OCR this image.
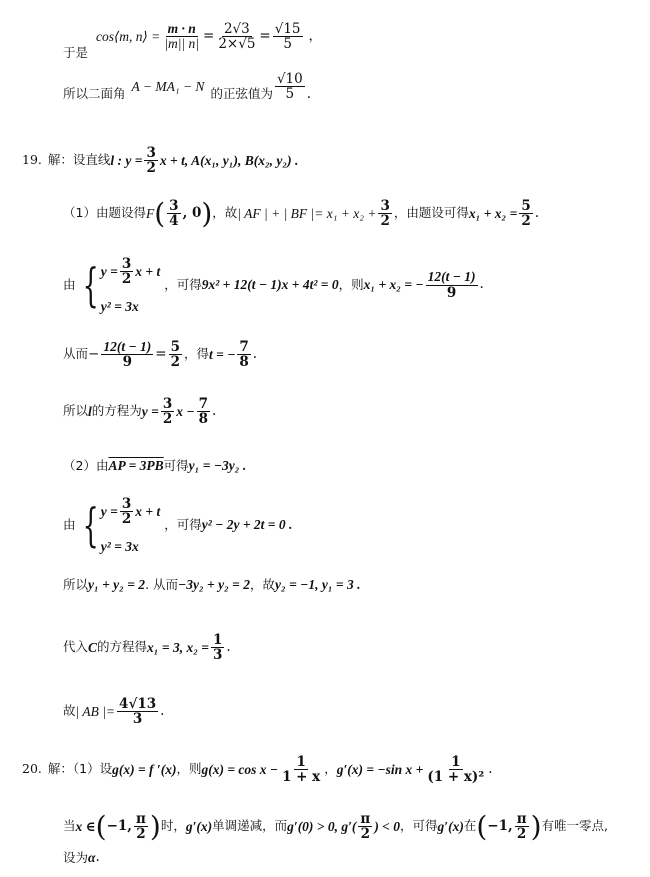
cos⟨m, n⟩ = $\frac{m \cdot n}{|m|| n|} = \frac{2√3}{2\times√5} = \frac{√15}{5}$ ，
于是
所以二面角 A − MA₁ − N 的正弦值为 $\frac{√10}{5}$ .
19. 解：设直线 l : $y = \frac{3}{2}$ x + t, A(x₁, y₁), B(x₂, y₂) .
（1）由题设得 F ( $\frac{3}{4}$ , 0 ) ，故 | AF | + | BF |= $x_1 + x_2 + \frac{3}{2}$ ，由题设可得 $x_1 + x_2 = \frac{5}{2}$ .
由 { $y = \frac{3}{2}$ x + t
y² = 3x
，可得 9x² + 12(t − 1)x + 4t² = 0 ，则 x₁ + x₂ = − $\frac{12(t - 1)}{9}$ .
从而 − $\frac{12(t - 1)}{9} = \frac{5}{2}$ ，得 t = − $\frac{7}{8}$ .
所以 l 的方程为 $y = \frac{3}{2}$ $x - \frac{7}{8}$ .
（2）由 AP = 3PB 可得 y₁ = −3y₂ .
由 { $y = \frac{3}{2}$ x + t
y² = 3x
，可得 y² − 2y + 2t = 0 .
所以 y₁ + y₂ = 2 . 从而 −3y₂ + y₂ = 2 ，故 y₂ = −1, y₁ = 3 .
代入 C 的方程得 x₁ = 3, $x_2 = \frac{1}{3}$ .
故 | AB |= $\frac{4√13}{3}$ .
20. 解：（1）设 g(x) = f ′(x) ，则 $g(x) = \cos x - \frac{1}{1 + x}$ ， g′(x) = −sin $x + \frac{1}{\text{(1 + x)²}}$ .
当 x ∈ ( −1, $\frac{\pi}{2}$ ) 时， g′(x) 单调递减，而 g′(0) > 0, $g'( \frac{\pi}{2}$ ) < 0 ，可得 g′(x) 在 ( −1, $\frac{\pi}{2}$ ) 有唯一零点,
设为 α .
